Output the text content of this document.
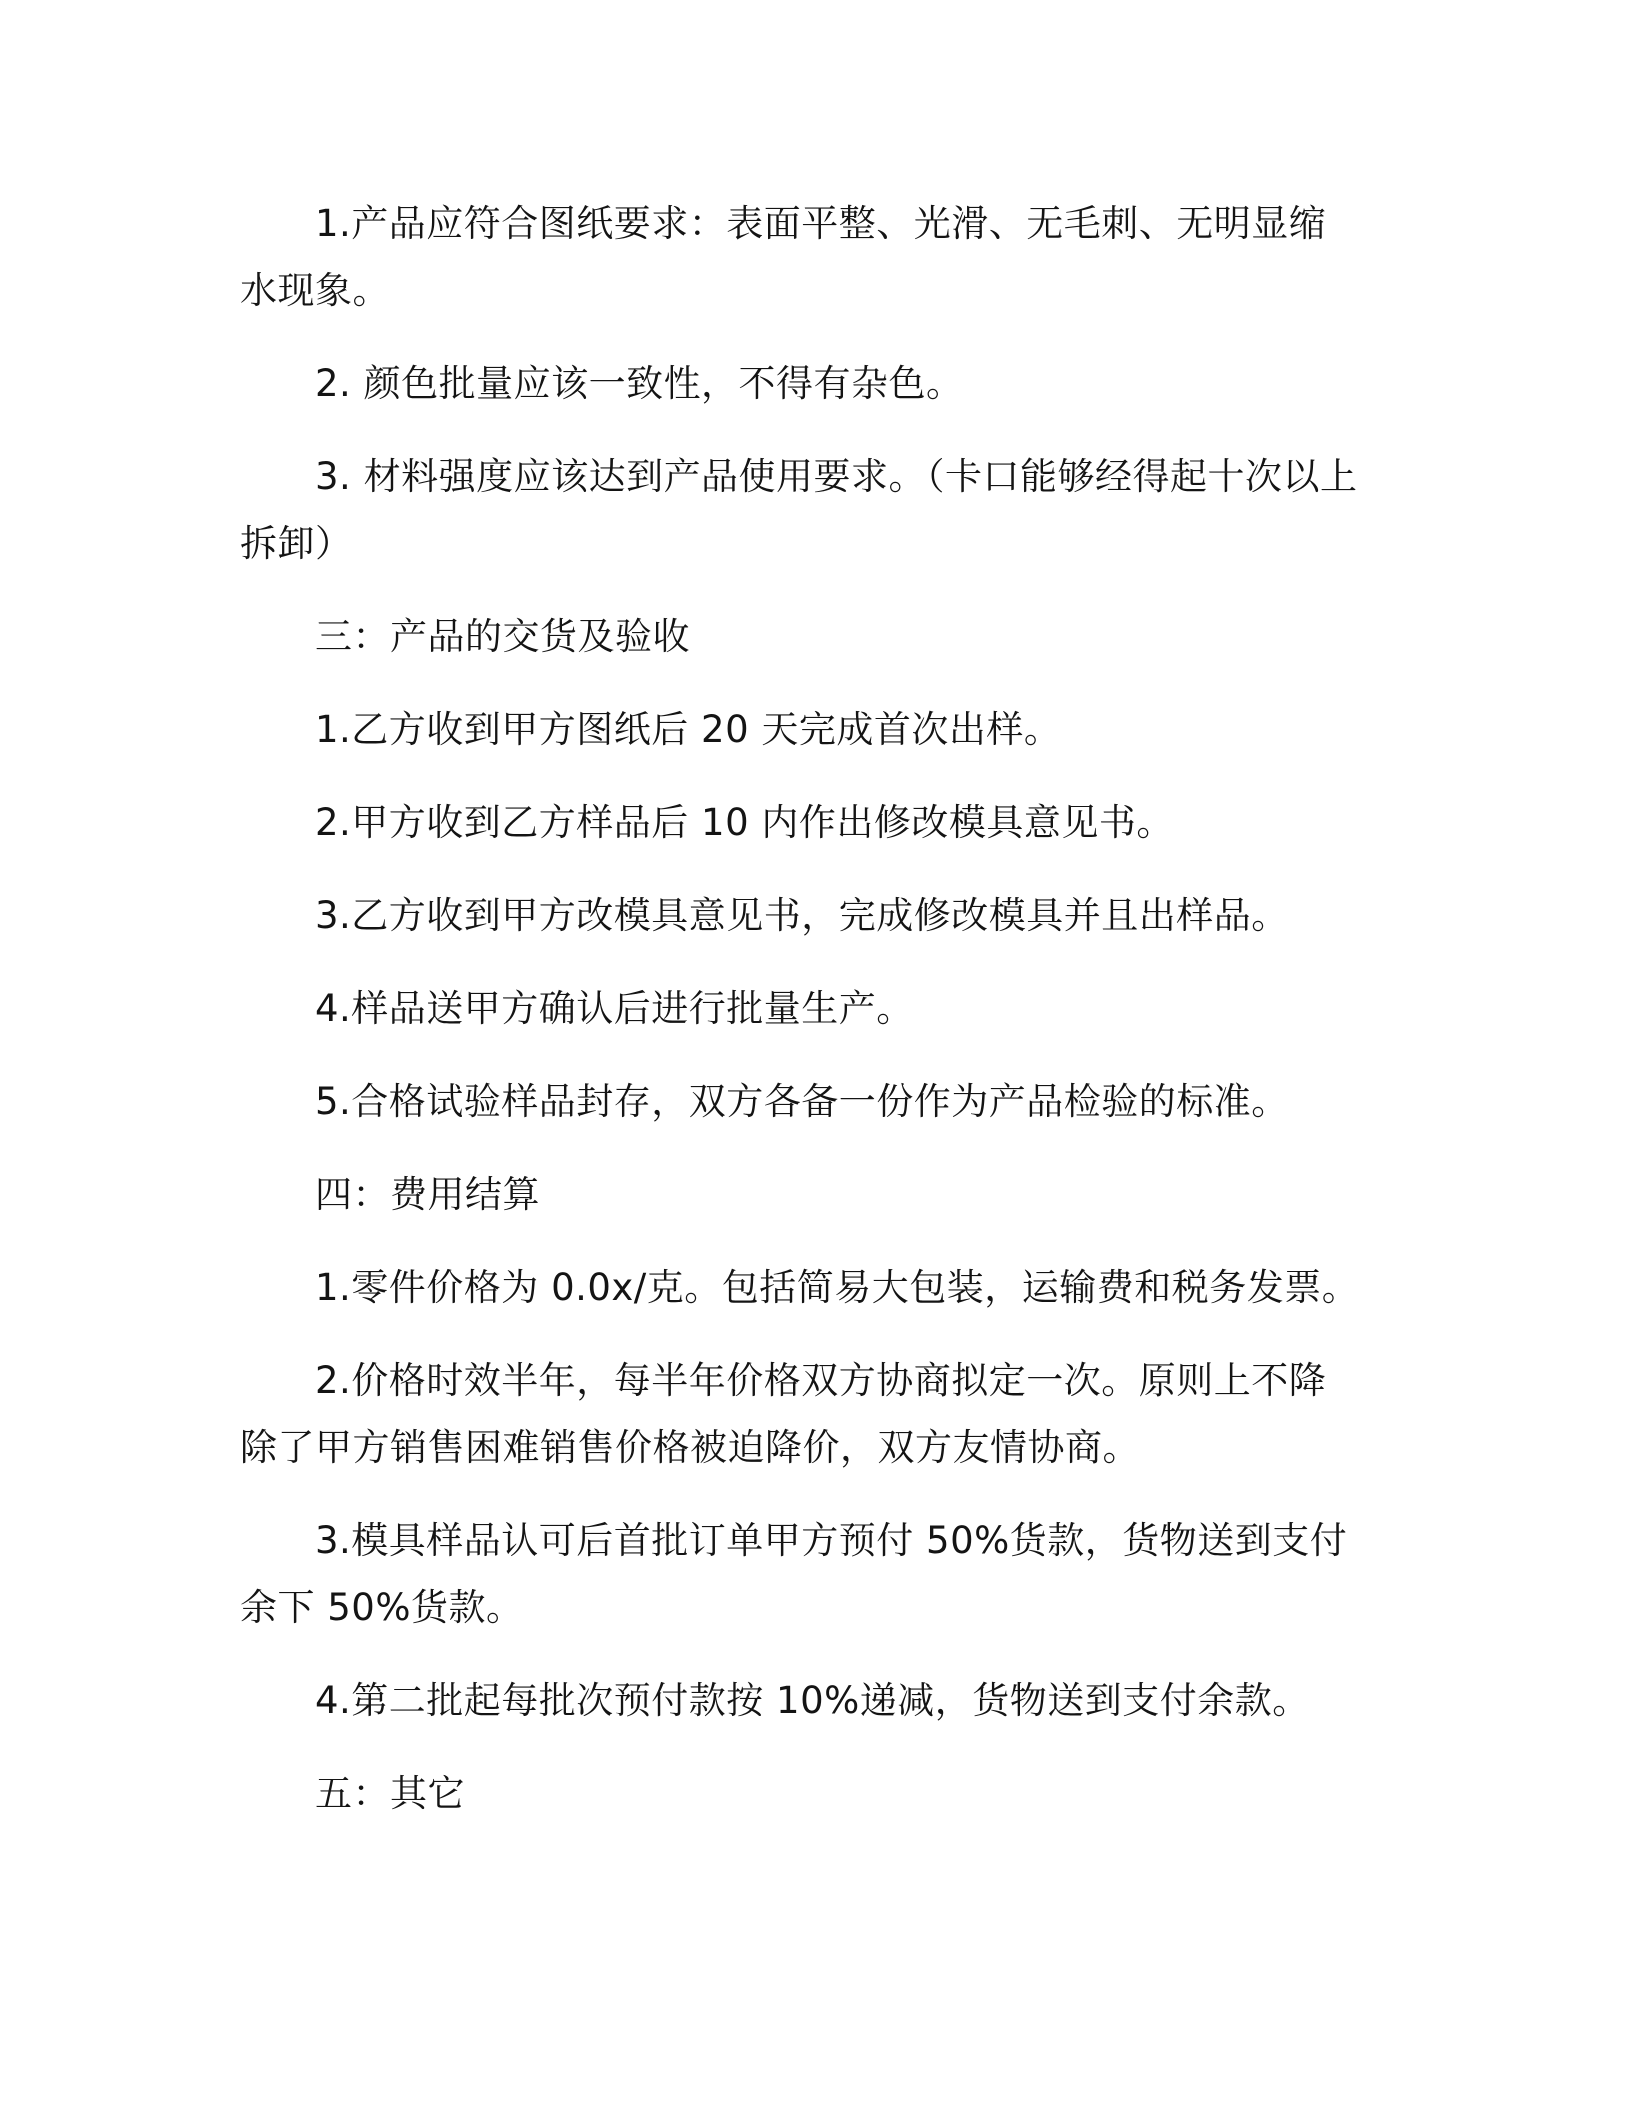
1.产品应符合图纸要求：表面平整、光滑、无毛刺、无明显缩水现象。

2. 颜色批量应该一致性，不得有杂色。

3. 材料强度应该达到产品使用要求。（卡口能够经得起十次以上拆卸）

三：产品的交货及验收

1.乙方收到甲方图纸后 20 天完成首次出样。

2.甲方收到乙方样品后 10 内作出修改模具意见书。

3.乙方收到甲方改模具意见书，完成修改模具并且出样品。

4.样品送甲方确认后进行批量生产。

5.合格试验样品封存，双方各备一份作为产品检验的标准。

四：费用结算

1.零件价格为 0.0x/克。包括简易大包装，运输费和税务发票。

2.价格时效半年，每半年价格双方协商拟定一次。原则上不降除了甲方销售困难销售价格被迫降价，双方友情协商。

3.模具样品认可后首批订单甲方预付 50%货款，货物送到支付余下 50%货款。

4.第二批起每批次预付款按 10%递减，货物送到支付余款。

五：其它
